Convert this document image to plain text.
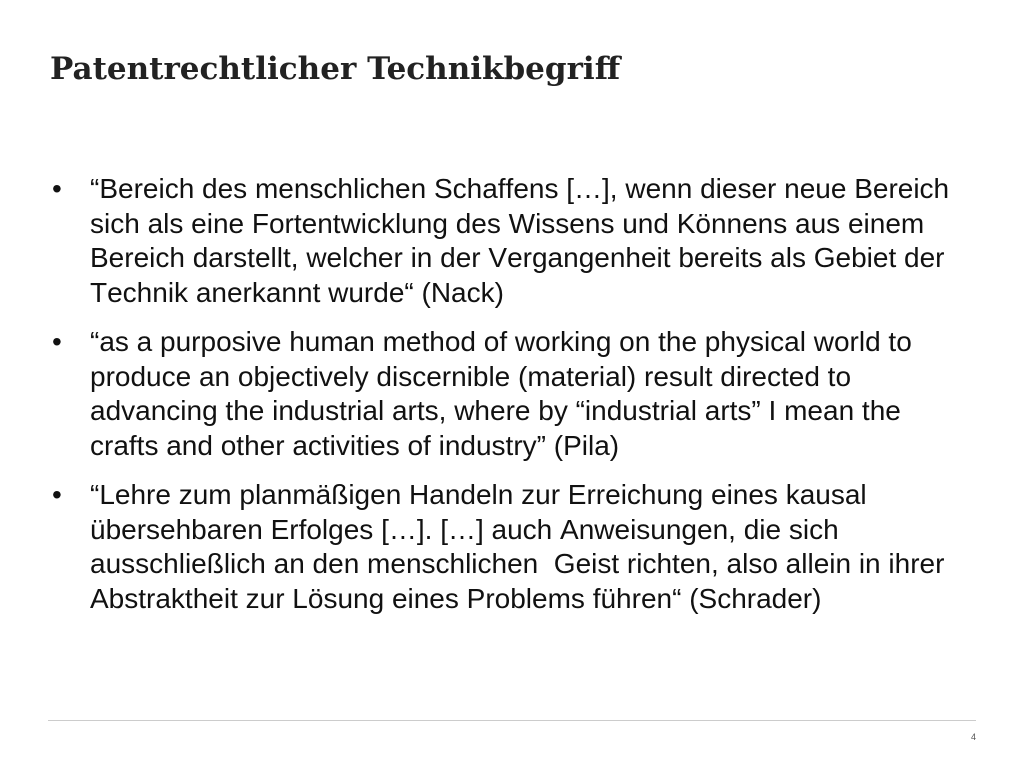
Patentrechtlicher Technikbegriff
• “Bereich des menschlichen Schaffens […], wenn dieser neue Bereich sich als eine Fortentwicklung des Wissens und Könnens aus einem Bereich darstellt, welcher in der Vergangenheit bereits als Gebiet der Technik anerkannt wurde“ (Nack)
• “as a purposive human method of working on the physical world to produce an objectively discernible (material) result directed to advancing the industrial arts, where by “industrial arts” I mean the crafts and other activities of industry” (Pila)
• “Lehre zum planmäßigen Handeln zur Erreichung eines kausal übersehbaren Erfolges […]. […] auch Anweisungen, die sich ausschließlich an den menschlichen  Geist richten, also allein in ihrer Abstraktheit zur Lösung eines Problems führen“ (Schrader)
4
